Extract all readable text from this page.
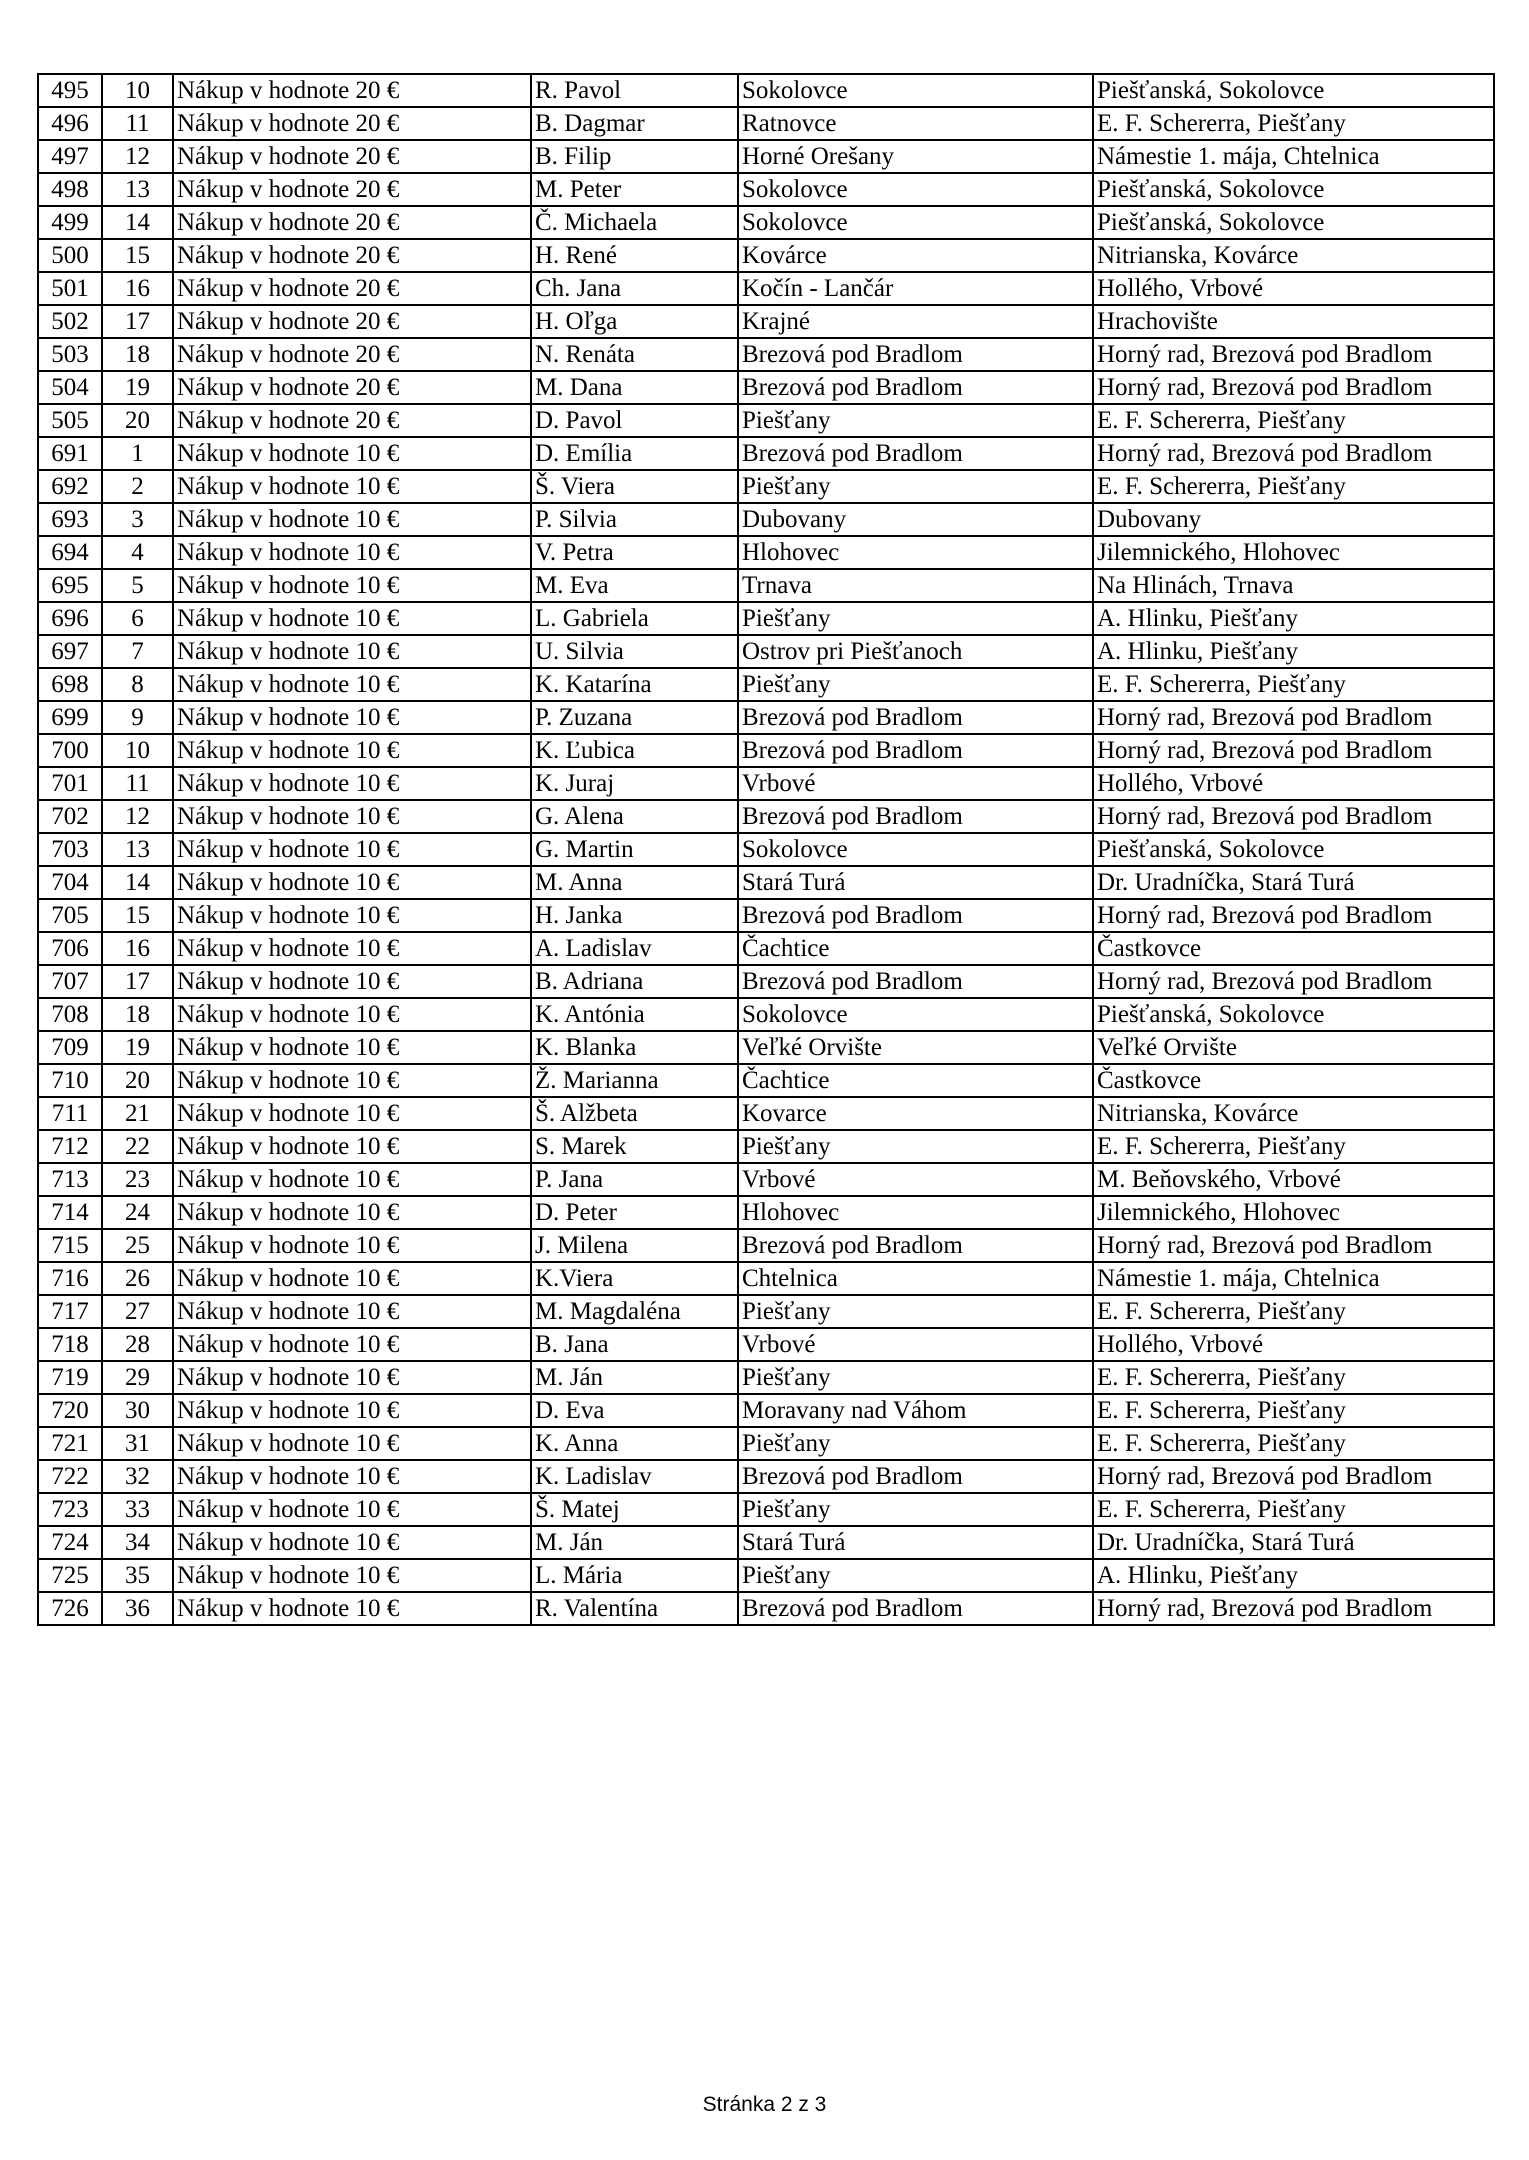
495	10	Nákup v hodnote 20 €	R. Pavol	Sokolovce	Piešťanská, Sokolovce
496	11	Nákup v hodnote 20 €	B. Dagmar	Ratnovce	E. F. Schererra, Piešťany
497	12	Nákup v hodnote 20 €	B. Filip	Horné Orešany	Námestie 1. mája, Chtelnica
498	13	Nákup v hodnote 20 €	M. Peter	Sokolovce	Piešťanská, Sokolovce
499	14	Nákup v hodnote 20 €	Č. Michaela	Sokolovce	Piešťanská, Sokolovce
500	15	Nákup v hodnote 20 €	H. René	Kovárce	Nitrianska, Kovárce
501	16	Nákup v hodnote 20 €	Ch. Jana	Kočín - Lančár	Hollého, Vrbové
502	17	Nákup v hodnote 20 €	H. Oľga	Krajné	Hrachovište
503	18	Nákup v hodnote 20 €	N. Renáta	Brezová pod Bradlom	Horný rad, Brezová pod Bradlom
504	19	Nákup v hodnote 20 €	M. Dana	Brezová pod Bradlom	Horný rad, Brezová pod Bradlom
505	20	Nákup v hodnote 20 €	D. Pavol	Piešťany	E. F. Schererra, Piešťany
691	1	Nákup v hodnote 10 €	D. Emília	Brezová pod Bradlom	Horný rad, Brezová pod Bradlom
692	2	Nákup v hodnote 10 €	Š. Viera	Piešťany	E. F. Schererra, Piešťany
693	3	Nákup v hodnote 10 €	P. Silvia	Dubovany	Dubovany
694	4	Nákup v hodnote 10 €	V. Petra	Hlohovec	Jilemnického, Hlohovec
695	5	Nákup v hodnote 10 €	M. Eva	Trnava	Na Hlinách, Trnava
696	6	Nákup v hodnote 10 €	L. Gabriela	Piešťany	A. Hlinku, Piešťany
697	7	Nákup v hodnote 10 €	U. Silvia	Ostrov pri Piešťanoch	A. Hlinku, Piešťany
698	8	Nákup v hodnote 10 €	K. Katarína	Piešťany	E. F. Schererra, Piešťany
699	9	Nákup v hodnote 10 €	P. Zuzana	Brezová pod Bradlom	Horný rad, Brezová pod Bradlom
700	10	Nákup v hodnote 10 €	K. Ľubica	Brezová pod Bradlom	Horný rad, Brezová pod Bradlom
701	11	Nákup v hodnote 10 €	K. Juraj	Vrbové	Hollého, Vrbové
702	12	Nákup v hodnote 10 €	G. Alena	Brezová pod Bradlom	Horný rad, Brezová pod Bradlom
703	13	Nákup v hodnote 10 €	G. Martin	Sokolovce	Piešťanská, Sokolovce
704	14	Nákup v hodnote 10 €	M. Anna	Stará Turá	Dr. Uradníčka, Stará Turá
705	15	Nákup v hodnote 10 €	H. Janka	Brezová pod Bradlom	Horný rad, Brezová pod Bradlom
706	16	Nákup v hodnote 10 €	A. Ladislav	Čachtice	Častkovce
707	17	Nákup v hodnote 10 €	B. Adriana	Brezová pod Bradlom	Horný rad, Brezová pod Bradlom
708	18	Nákup v hodnote 10 €	K. Antónia	Sokolovce	Piešťanská, Sokolovce
709	19	Nákup v hodnote 10 €	K. Blanka	Veľké Orvište	Veľké Orvište
710	20	Nákup v hodnote 10 €	Ž. Marianna	Čachtice	Častkovce
711	21	Nákup v hodnote 10 €	Š. Alžbeta	Kovarce	Nitrianska, Kovárce
712	22	Nákup v hodnote 10 €	S. Marek	Piešťany	E. F. Schererra, Piešťany
713	23	Nákup v hodnote 10 €	P. Jana	Vrbové	M. Beňovského, Vrbové
714	24	Nákup v hodnote 10 €	D. Peter	Hlohovec	Jilemnického, Hlohovec
715	25	Nákup v hodnote 10 €	J. Milena	Brezová pod Bradlom	Horný rad, Brezová pod Bradlom
716	26	Nákup v hodnote 10 €	K.Viera	Chtelnica	Námestie 1. mája, Chtelnica
717	27	Nákup v hodnote 10 €	M. Magdaléna	Piešťany	E. F. Schererra, Piešťany
718	28	Nákup v hodnote 10 €	B. Jana	Vrbové	Hollého, Vrbové
719	29	Nákup v hodnote 10 €	M. Ján	Piešťany	E. F. Schererra, Piešťany
720	30	Nákup v hodnote 10 €	D. Eva	Moravany nad Váhom	E. F. Schererra, Piešťany
721	31	Nákup v hodnote 10 €	K. Anna	Piešťany	E. F. Schererra, Piešťany
722	32	Nákup v hodnote 10 €	K. Ladislav	Brezová pod Bradlom	Horný rad, Brezová pod Bradlom
723	33	Nákup v hodnote 10 €	Š. Matej	Piešťany	E. F. Schererra, Piešťany
724	34	Nákup v hodnote 10 €	M. Ján	Stará Turá	Dr. Uradníčka, Stará Turá
725	35	Nákup v hodnote 10 €	L. Mária	Piešťany	A. Hlinku, Piešťany
726	36	Nákup v hodnote 10 €	R. Valentína	Brezová pod Bradlom	Horný rad, Brezová pod Bradlom
Stránka 2 z 3
